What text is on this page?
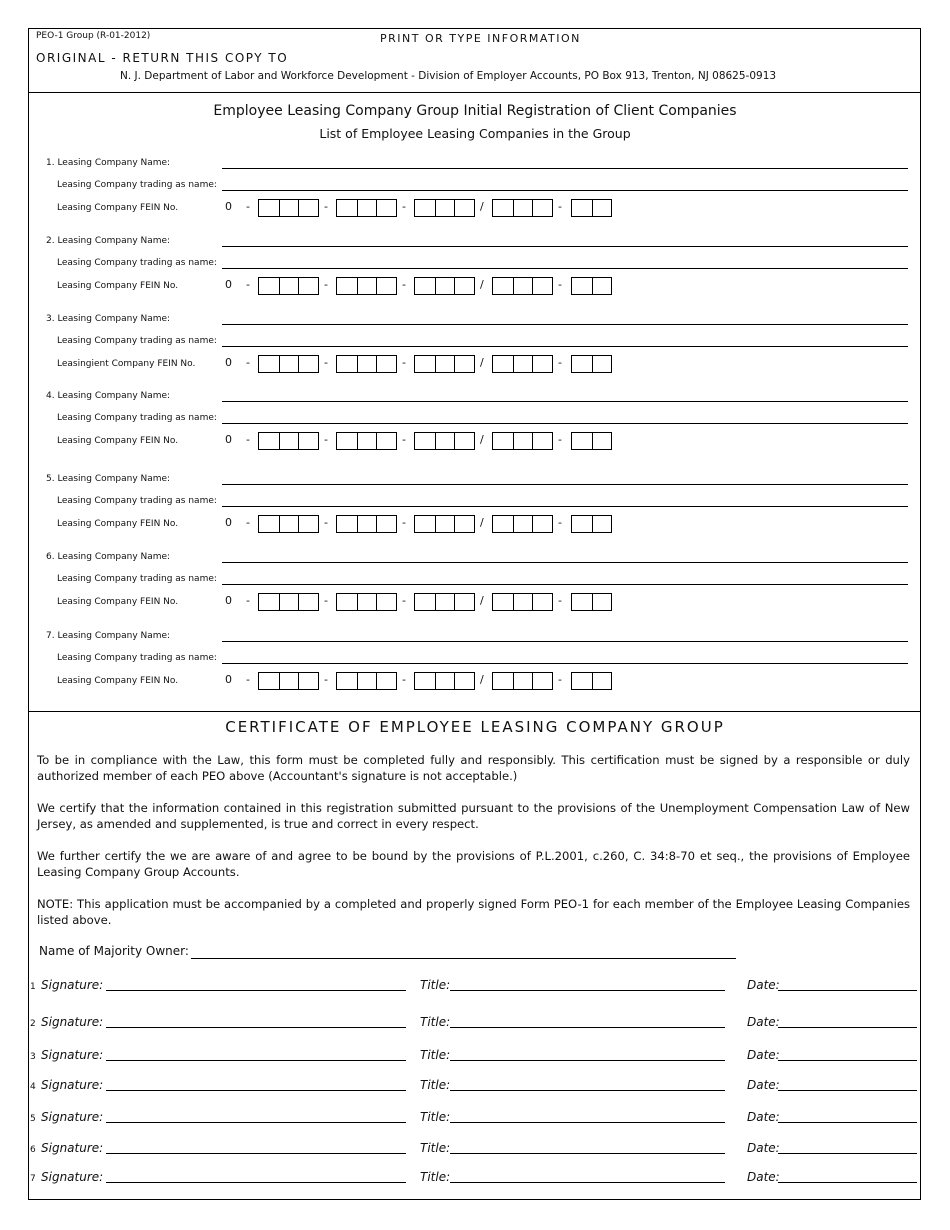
PEO-1 Group (R-01-2012)	PRINT OR TYPE INFORMATION
ORIGINAL - RETURN THIS COPY TO
N. J. Department of Labor and Workforce Development - Division of Employer Accounts, PO Box 913, Trenton, NJ 08625-0913
Employee Leasing Company Group Initial Registration of Client Companies
List of Employee Leasing Companies in the Group
1. Leasing Company Name:
Leasing Company trading as name:
Leasing Company FEIN No.	0 -	-	-	/	-
2. Leasing Company Name:
Leasing Company trading as name:
Leasing Company FEIN No.	0 -	-	-	/	-
3. Leasing Company Name:
Leasing Company trading as name:
Leasingient Company FEIN No.	0 -	-	-	/	-
4. Leasing Company Name:
Leasing Company trading as name:
Leasing Company FEIN No.	0 -	-	-	/	-
5. Leasing Company Name:
Leasing Company trading as name:
Leasing Company FEIN No.	0 -	-	-	/	-
6. Leasing Company Name:
Leasing Company trading as name:
Leasing Company FEIN No.	0 -	-	-	/	-
7. Leasing Company Name:
Leasing Company trading as name:
Leasing Company FEIN No.	0 -	-	-	/	-
CERTIFICATE OF EMPLOYEE LEASING COMPANY GROUP
To be in compliance with the Law, this form must be completed fully and responsibly. This certification must be signed by a responsible or duly authorized member of each PEO above (Accountant's signature is not acceptable.)
We certify that the information contained in this registration submitted pursuant to the provisions of the Unemployment Compensation Law of New Jersey, as amended and supplemented, is true and correct in every respect.
We further certify the we are aware of and agree to be bound by the provisions of P.L.2001, c.260, C. 34:8-70 et seq., the provisions of Employee Leasing Company Group Accounts.
NOTE: This application must be accompanied by a completed and properly signed Form PEO-1 for each member of the Employee Leasing Companies listed above.
Name of Majority Owner:
1 Signature:	Title:	Date:
2 Signature:	Title:	Date:
3 Signature:	Title:	Date:
4 Signature:	Title:	Date:
5 Signature:	Title:	Date:
6 Signature:	Title:	Date:
7 Signature:	Title:	Date:
